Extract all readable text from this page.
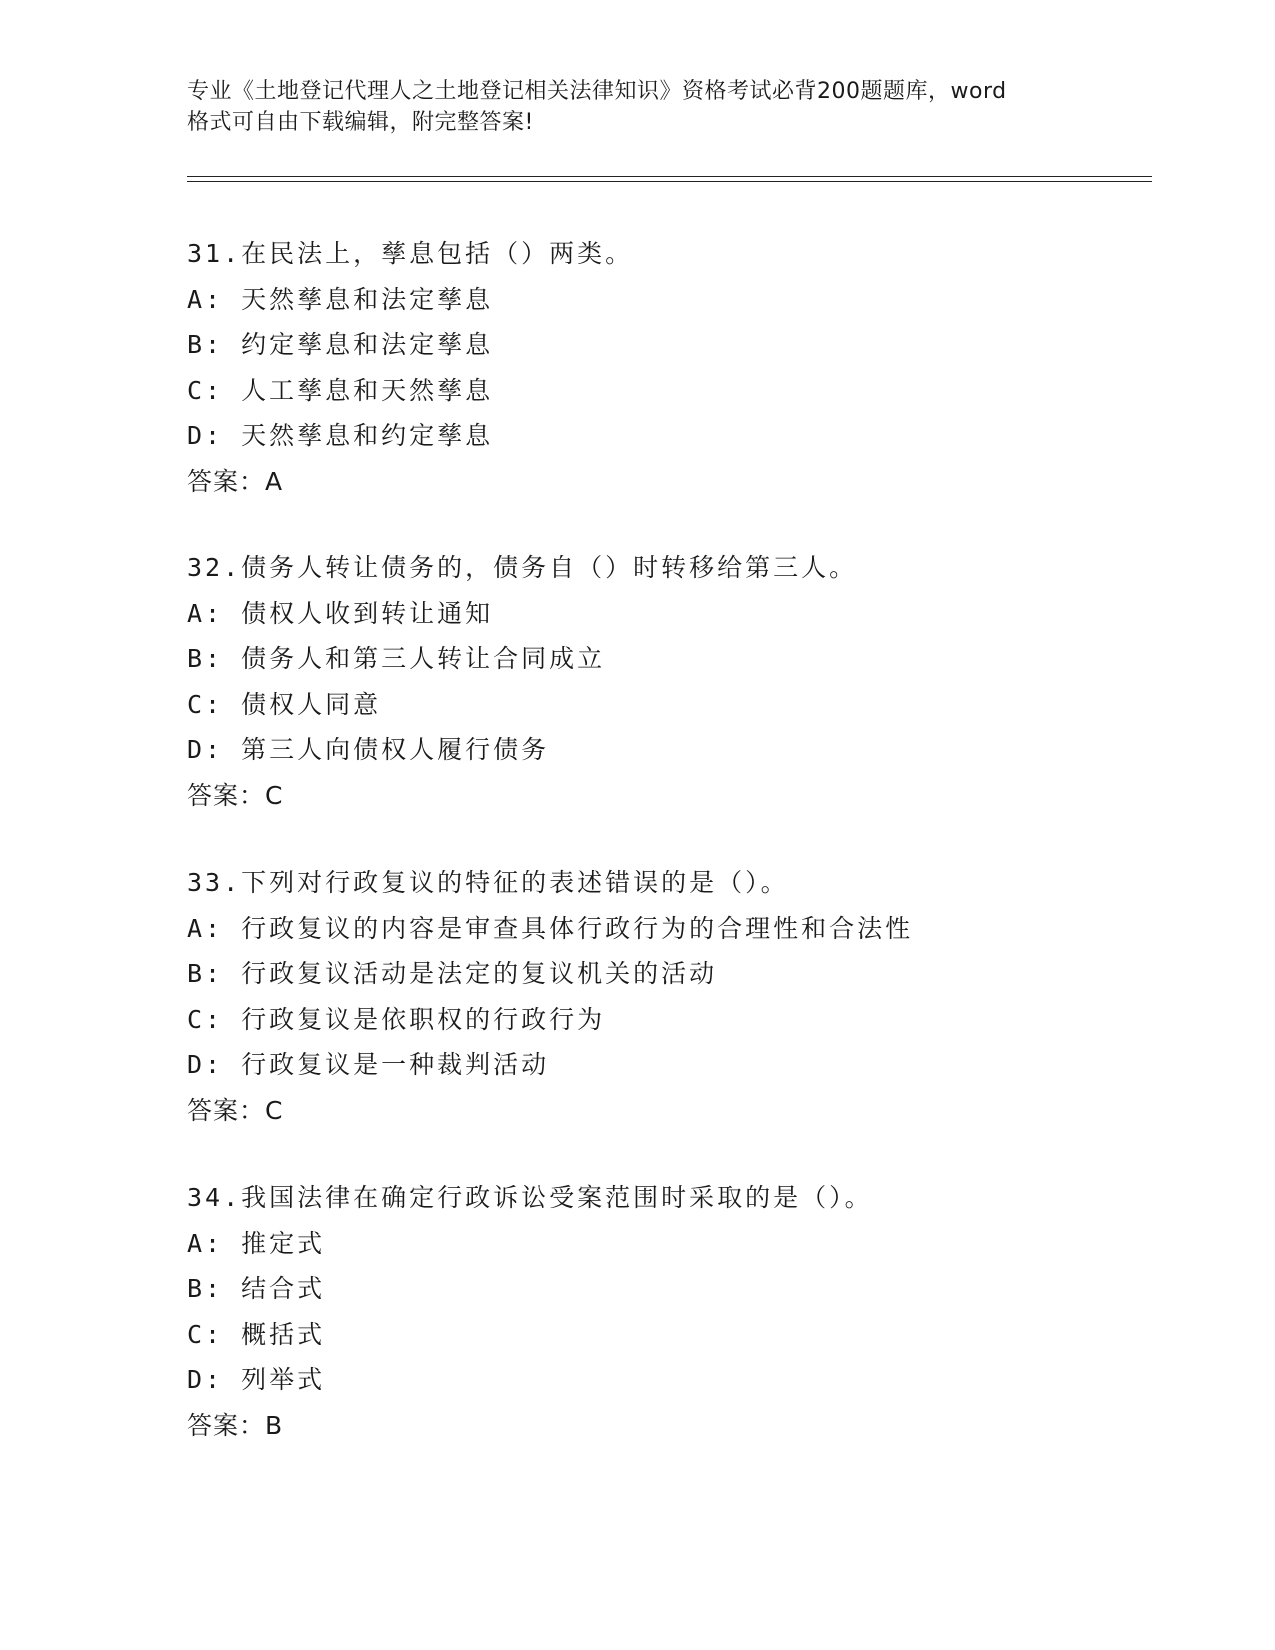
专业《土地登记代理人之土地登记相关法律知识》资格考试必背200题题库，word
格式可自由下载编辑，附完整答案!
31.在民法上，孳息包括（）两类。
A: 天然孳息和法定孳息
B: 约定孳息和法定孳息
C: 人工孳息和天然孳息
D: 天然孳息和约定孳息
答案：A
32.债务人转让债务的，债务自（）时转移给第三人。
A: 债权人收到转让通知
B: 债务人和第三人转让合同成立
C: 债权人同意
D: 第三人向债权人履行债务
答案：C
33.下列对行政复议的特征的表述错误的是（）。
A: 行政复议的内容是审查具体行政行为的合理性和合法性
B: 行政复议活动是法定的复议机关的活动
C: 行政复议是依职权的行政行为
D: 行政复议是一种裁判活动
答案：C
34.我国法律在确定行政诉讼受案范围时采取的是（）。
A: 推定式
B: 结合式
C: 概括式
D: 列举式
答案：B
